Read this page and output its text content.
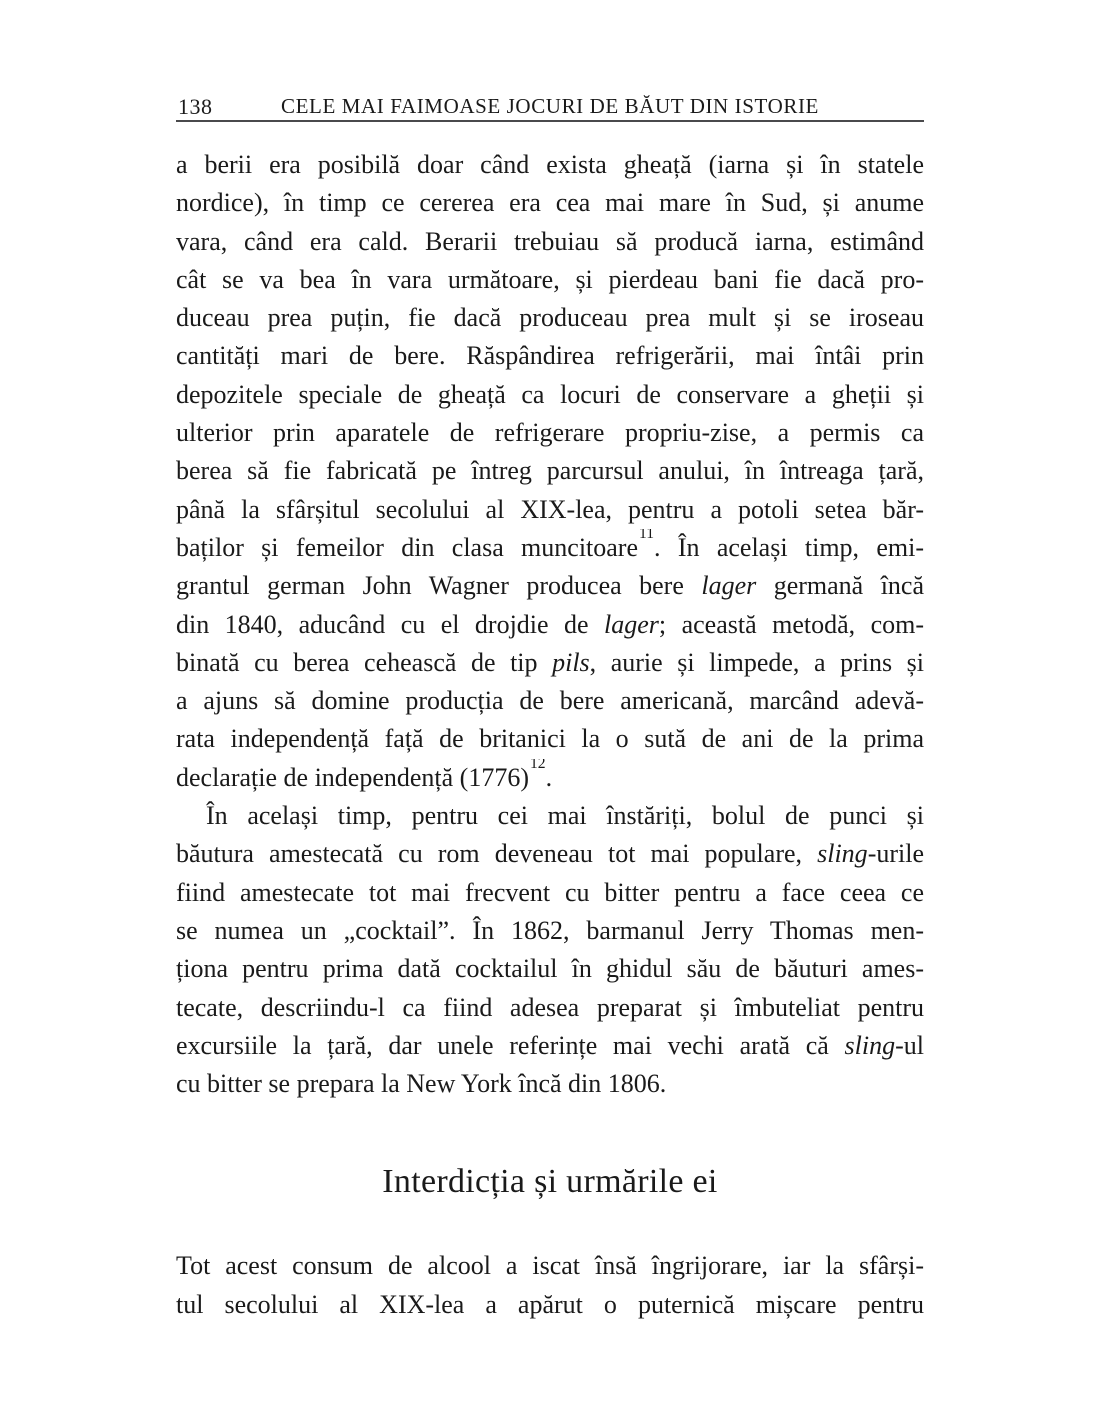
138	CELE MAI FAIMOASE JOCURI DE BĂUT DIN ISTORIE
a berii era posibilă doar când exista gheață (iarna și în statele
nordice), în timp ce cererea era cea mai mare în Sud, și anume
vara, când era cald. Berarii trebuiau să producă iarna, estimând
cât se va bea în vara următoare, și pierdeau bani fie dacă pro-
duceau prea puțin, fie dacă produceau prea mult și se iroseau
cantități mari de bere. Răspândirea refrigerării, mai întâi prin
depozitele speciale de gheață ca locuri de conservare a gheții și
ulterior prin aparatele de refrigerare propriu-zise, a permis ca
berea să fie fabricată pe întreg parcursul anului, în întreaga țară,
până la sfârșitul secolului al XIX-lea, pentru a potoli setea băr-
baților și femeilor din clasa muncitoare$^{11}$. În același timp, emi-
grantul german John Wagner producea bere lager germană încă
din 1840, aducând cu el drojdie de lager; această metodă, com-
binată cu berea cehească de tip pils, aurie și limpede, a prins și
a ajuns să domine producția de bere americană, marcând adevă-
rata independență față de britanici la o sută de ani de la prima
declarație de independență $(1776)^{12}$.
În același timp, pentru cei mai înstăriți, bolul de punci și
băutura amestecată cu rom deveneau tot mai populare, sling-urile
fiind amestecate tot mai frecvent cu bitter pentru a face ceea ce
se numea un „cocktail”. În 1862, barmanul Jerry Thomas men-
ționa pentru prima dată cocktailul în ghidul său de băuturi ames-
tecate, descriindu-l ca fiind adesea preparat și îmbuteliat pentru
excursiile la țară, dar unele referințe mai vechi arată că sling-ul
cu bitter se prepara la New York încă din 1806.
Interdicția și urmările ei
Tot acest consum de alcool a iscat însă îngrijorare, iar la sfârși-
tul secolului al XIX-lea a apărut o puternică mișcare pentru
